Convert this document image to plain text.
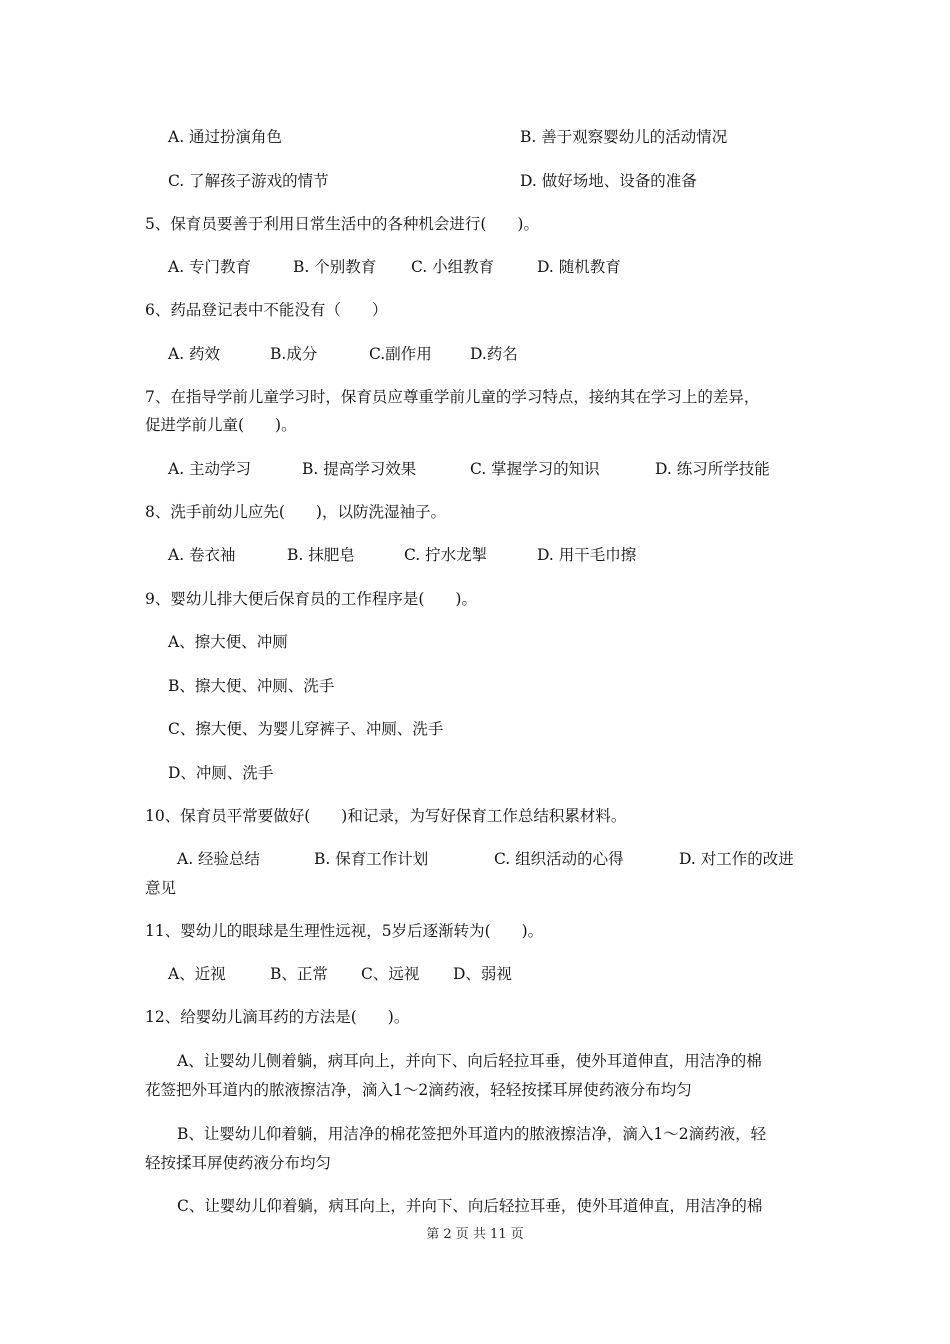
A. 通过扮演角色	B. 善于观察婴幼儿的活动情况
C. 了解孩子游戏的情节	D. 做好场地、设备的准备
5、保育员要善于利用日常生活中的各种机会进行(　　)。
A. 专门教育	B. 个别教育 C. 小组教育	D. 随机教育
6、药品登记表中不能没有（　　）
A. 药效	B.成分	C.副作用 D.药名
7、在指导学前儿童学习时，保育员应尊重学前儿童的学习特点，接纳其在学习上的差异，
促进学前儿童(　　)。
A. 主动学习	B. 提高学习效果	C. 掌握学习的知识	D. 练习所学技能
8、洗手前幼儿应先(　　)，以防洗湿袖子。
A. 卷衣袖	B. 抹肥皂	C. 拧水龙掣	D. 用干毛巾擦
9、婴幼儿排大便后保育员的工作程序是(　　)。
A、擦大便、冲厕
B、擦大便、冲厕、洗手
C、擦大便、为婴儿穿裤子、冲厕、洗手
D、冲厕、洗手
10、保育员平常要做好(　　)和记录，为写好保育工作总结积累材料。
A. 经验总结	B. 保育工作计划	C. 组织活动的心得	D. 对工作的改进
意见
11、婴幼儿的眼球是生理性远视，5岁后逐渐转为(　　)。
A、近视	B、正常 C、远视 D、弱视
12、给婴幼儿滴耳药的方法是(　　)。
A、让婴幼儿侧着躺，病耳向上，并向下、向后轻拉耳垂，使外耳道伸直，用洁净的棉
花签把外耳道内的脓液擦洁净，滴入1～2滴药液，轻轻按揉耳屏使药液分布均匀
B、让婴幼儿仰着躺，用洁净的棉花签把外耳道内的脓液擦洁净，滴入1～2滴药液，轻
轻按揉耳屏使药液分布均匀
C、让婴幼儿仰着躺，病耳向上，并向下、向后轻拉耳垂，使外耳道伸直，用洁净的棉
第 2 页 共 11 页
